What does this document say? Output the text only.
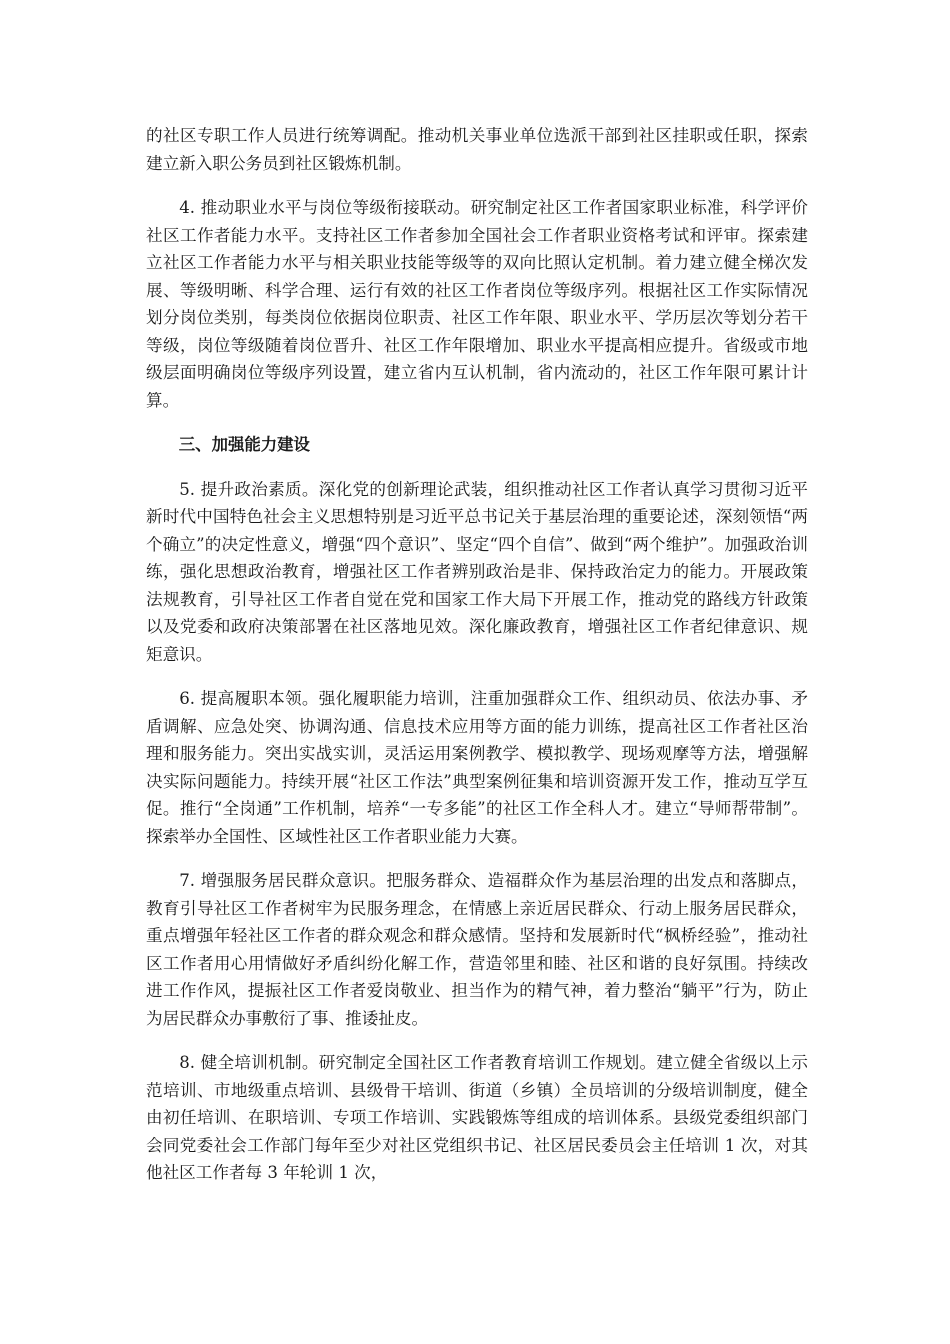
的社区专职工作人员进行统筹调配。推动机关事业单位选派干部到社区挂职或任职，探索建立新入职公务员到社区锻炼机制。

4. 推动职业水平与岗位等级衔接联动。研究制定社区工作者国家职业标准，科学评价社区工作者能力水平。支持社区工作者参加全国社会工作者职业资格考试和评审。探索建立社区工作者能力水平与相关职业技能等级等的双向比照认定机制。着力建立健全梯次发展、等级明晰、科学合理、运行有效的社区工作者岗位等级序列。根据社区工作实际情况划分岗位类别，每类岗位依据岗位职责、社区工作年限、职业水平、学历层次等划分若干等级，岗位等级随着岗位晋升、社区工作年限增加、职业水平提高相应提升。省级或市地级层面明确岗位等级序列设置，建立省内互认机制，省内流动的，社区工作年限可累计计算。

三、加强能力建设

5. 提升政治素质。深化党的创新理论武装，组织推动社区工作者认真学习贯彻习近平新时代中国特色社会主义思想特别是习近平总书记关于基层治理的重要论述，深刻领悟“两个确立”的决定性意义，增强“四个意识”、坚定“四个自信”、做到“两个维护”。加强政治训练，强化思想政治教育，增强社区工作者辨别政治是非、保持政治定力的能力。开展政策法规教育，引导社区工作者自觉在党和国家工作大局下开展工作，推动党的路线方针政策以及党委和政府决策部署在社区落地见效。深化廉政教育，增强社区工作者纪律意识、规矩意识。

6. 提高履职本领。强化履职能力培训，注重加强群众工作、组织动员、依法办事、矛盾调解、应急处突、协调沟通、信息技术应用等方面的能力训练，提高社区工作者社区治理和服务能力。突出实战实训，灵活运用案例教学、模拟教学、现场观摩等方法，增强解决实际问题能力。持续开展“社区工作法”典型案例征集和培训资源开发工作，推动互学互促。推行“全岗通”工作机制，培养“一专多能”的社区工作全科人才。建立“导师帮带制”。探索举办全国性、区域性社区工作者职业能力大赛。

7. 增强服务居民群众意识。把服务群众、造福群众作为基层治理的出发点和落脚点，教育引导社区工作者树牢为民服务理念，在情感上亲近居民群众、行动上服务居民群众，重点增强年轻社区工作者的群众观念和群众感情。坚持和发展新时代“枫桥经验”，推动社区工作者用心用情做好矛盾纠纷化解工作，营造邻里和睦、社区和谐的良好氛围。持续改进工作作风，提振社区工作者爱岗敬业、担当作为的精气神，着力整治“躺平”行为，防止为居民群众办事敷衍了事、推诿扯皮。

8. 健全培训机制。研究制定全国社区工作者教育培训工作规划。建立健全省级以上示范培训、市地级重点培训、县级骨干培训、街道（乡镇）全员培训的分级培训制度，健全由初任培训、在职培训、专项工作培训、实践锻炼等组成的培训体系。县级党委组织部门会同党委社会工作部门每年至少对社区党组织书记、社区居民委员会主任培训 1 次，对其他社区工作者每 3 年轮训 1 次，
